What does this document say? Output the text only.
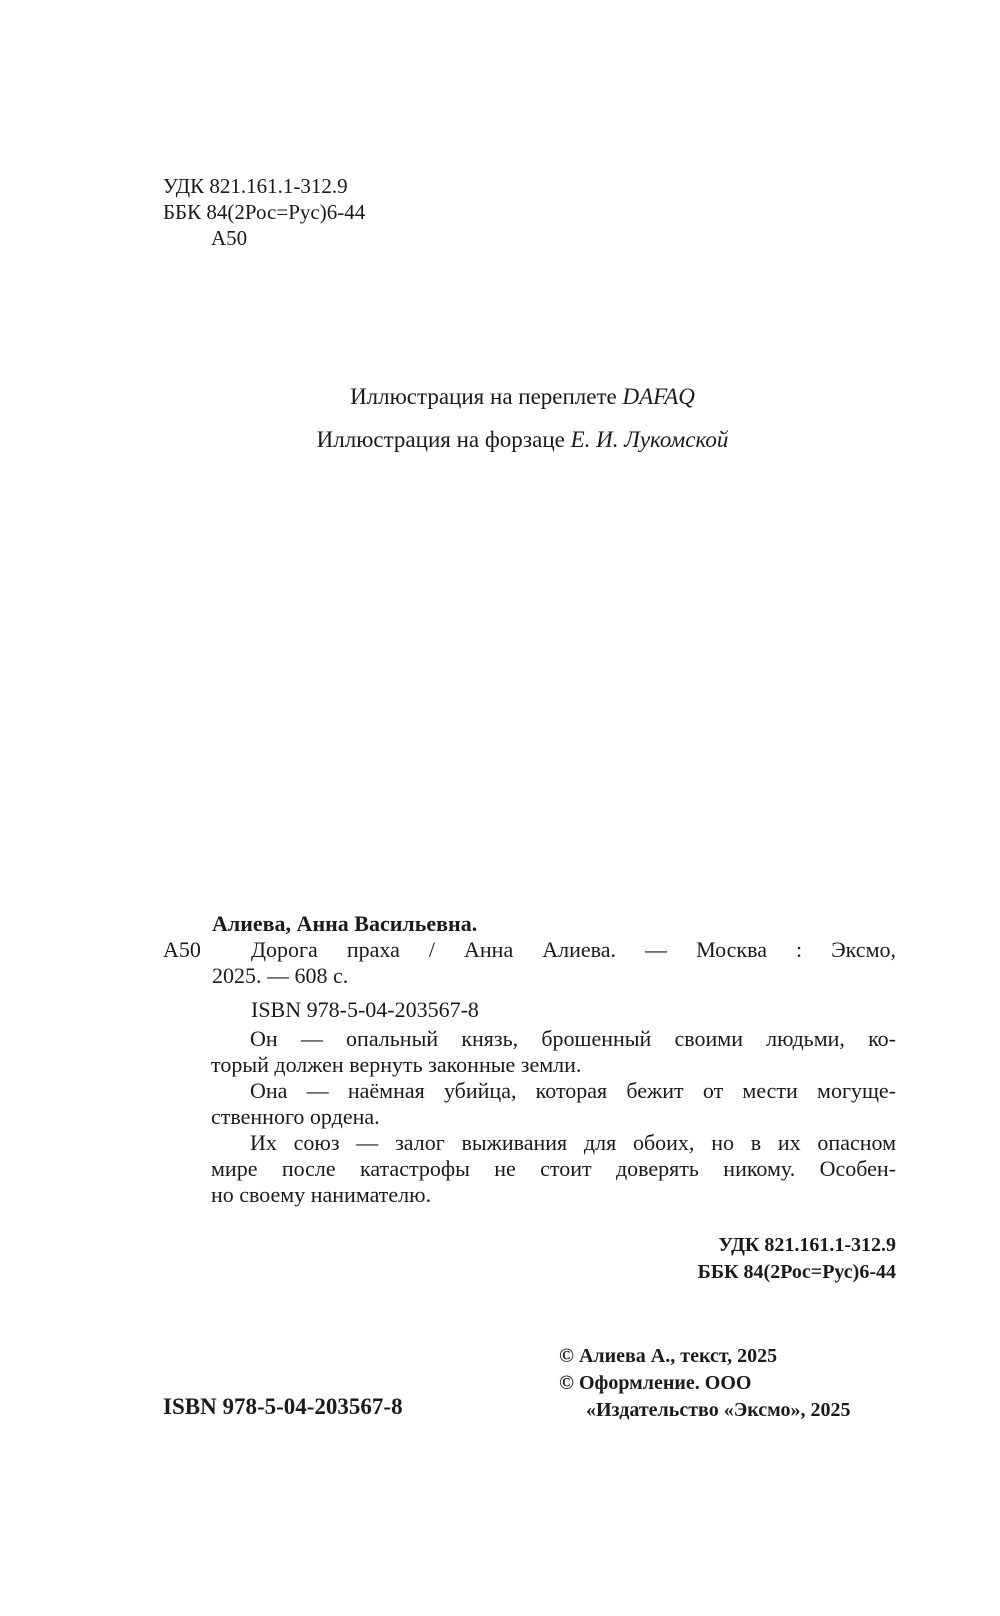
УДК 821.161.1-312.9
ББК 84(2Рос=Рус)6-44
А50
Иллюстрация на переплете DAFAQ
Иллюстрация на форзаце Е. И. Лукомской
Алиева, Анна Васильевна.
А50 Дорога праха / Анна Алиева. — Москва : Эксмо,
2025. — 608 с.
ISBN 978-5-04-203567-8
Он — опальный князь, брошенный своими людьми, ко-
торый должен вернуть законные земли.
Она — наёмная убийца, которая бежит от мести могуще-
ственного ордена.
Их союз — залог выживания для обоих, но в их опасном
мире после катастрофы не стоит доверять никому. Особен-
но своему нанимателю.
УДК 821.161.1-312.9
ББК 84(2Рос=Рус)6-44
© Алиева А., текст, 2025
© Оформление. ООО
«Издательство «Эксмо», 2025
ISBN 978-5-04-203567-8
